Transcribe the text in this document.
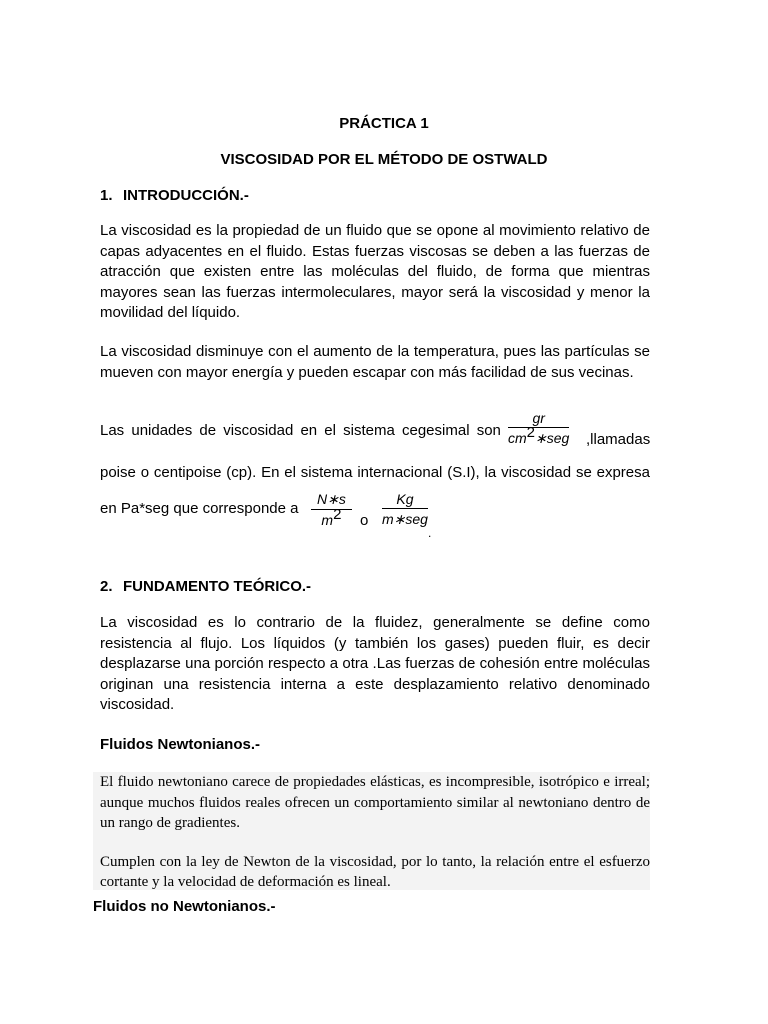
PRÁCTICA 1
VISCOSIDAD POR EL MÉTODO DE OSTWALD
1. INTRODUCCIÓN.-

La viscosidad es la propiedad de un fluido que se opone al movimiento relativo de capas adyacentes en el fluido. Estas fuerzas viscosas se deben a las fuerzas de atracción que existen entre las moléculas del fluido, de forma que mientras mayores sean las fuerzas intermoleculares, mayor será la viscosidad y menor la movilidad del líquido.

La viscosidad disminuye con el aumento de la temperatura, pues las partículas se mueven con mayor energía y pueden escapar con más facilidad de sus vecinas.

Las unidades de viscosidad en el sistema cegesimal son
gr
$cm^2∗seg$ ,llamadas
poise o centipoise (cp). En el sistema internacional (S.I), la viscosidad se expresa
en Pa*seg que corresponde a $\frac{N∗s}{m^2}$ o
Kg
m∗seg
.
2. FUNDAMENTO TEÓRICO.-

La viscosidad es lo contrario de la fluidez, generalmente se define como resistencia al flujo. Los líquidos (y también los gases) pueden fluir, es decir desplazarse una porción respecto a otra .Las fuerzas de cohesión entre moléculas originan una resistencia interna a este desplazamiento relativo denominado viscosidad.

Fluidos Newtonianos.-

El fluido newtoniano carece de propiedades elásticas, es incompresible, isotrópico e irreal; aunque muchos fluidos reales ofrecen un comportamiento similar al newtoniano dentro de un rango de gradientes.

Cumplen con la ley de Newton de la viscosidad, por lo tanto, la relación entre el esfuerzo cortante y la velocidad de deformación es lineal.

Fluidos no Newtonianos.-
